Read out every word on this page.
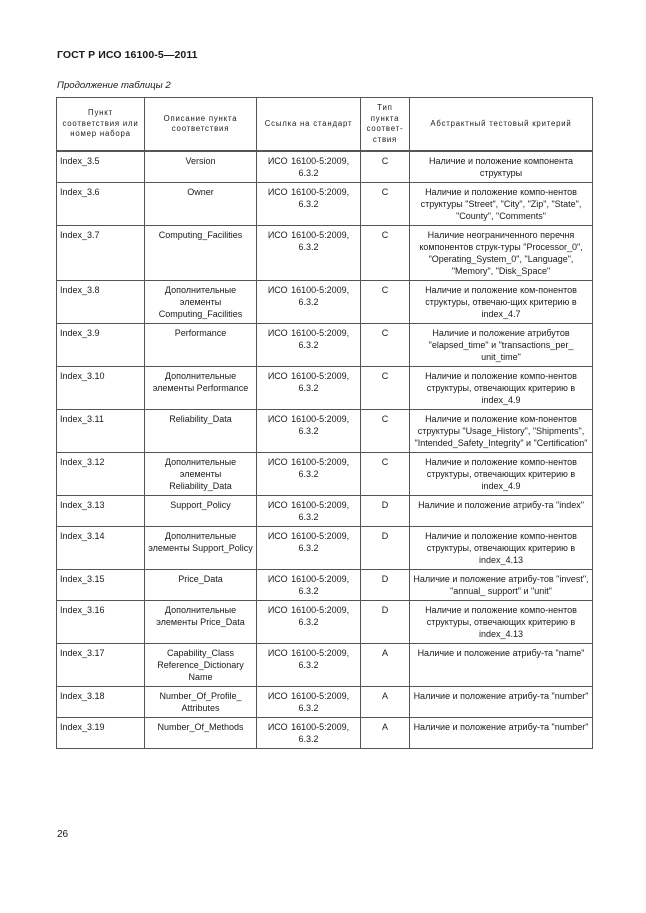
ГОСТ Р ИСО 16100-5—2011
Продолжение таблицы 2
Пункт соответствия или номер набора	Описание пункта соответствия	Ссылка на стандарт	Тип пункта соответ-ствия	Абстрактный тестовый критерий

Index_3.5	Version	ИСО 16100-5:2009, 6.3.2	C	Наличие и положение компонента структуры
Index_3.6	Owner	ИСО 16100-5:2009, 6.3.2	C	Наличие и положение компо-нентов структуры "Street", "City", "Zip", "State", "County", "Comments"
Index_3.7	Computing_Facilities	ИСО 16100-5:2009, 6.3.2	C	Наличие неограниченного перечня компонентов струк-туры "Processor_0", "Operating_System_0", "Language", "Memory", "Disk_Space"
Index_3.8	Дополнительные элементы Computing_Facilities	ИСО 16100-5:2009, 6.3.2	C	Наличие и положение ком-понентов структуры, отвечаю-щих критерию в index_4.7
Index_3.9	Performance	ИСО 16100-5:2009, 6.3.2	C	Наличие и положение атрибутов "elapsed_time" и "transactions_per_ unit_time"
Index_3.10	Дополнительные элементы Performance	ИСО 16100-5:2009, 6.3.2	C	Наличие и положение компо-нентов структуры, отвечающих критерию в index_4.9
Index_3.11	Reliability_Data	ИСО 16100-5:2009, 6.3.2	C	Наличие и положение ком-понентов структуры "Usage_History", "Shipments", "Intended_Safety_Integrity" и "Certification"
Index_3.12	Дополнительные элементы Reliability_Data	ИСО 16100-5:2009, 6.3.2	C	Наличие и положение компо-нентов структуры, отвечающих критерию в index_4.9
Index_3.13	Support_Policy	ИСО 16100-5:2009, 6.3.2	D	Наличие и положение атрибу-та "index"
Index_3.14	Дополнительные элементы Support_Policy	ИСО 16100-5:2009, 6.3.2	D	Наличие и положение компо-нентов структуры, отвечающих критерию в index_4.13
Index_3.15	Price_Data	ИСО 16100-5:2009, 6.3.2	D	Наличие и положение атрибу-тов "invest", "annual_ support" и "unit"
Index_3.16	Дополнительные элементы Price_Data	ИСО 16100-5:2009, 6.3.2	D	Наличие и положение компо-нентов структуры, отвечающих критерию в index_4.13
Index_3.17	Capability_Class Reference_Dictionary Name	ИСО 16100-5:2009, 6.3.2	A	Наличие и положение атрибу-та "name"
Index_3.18	Number_Of_Profile_ Attributes	ИСО 16100-5:2009, 6.3.2	A	Наличие и положение атрибу-та "number"
Index_3.19	Number_Of_Methods	ИСО 16100-5:2009, 6.3.2	A	Наличие и положение атрибу-та "number"
26
